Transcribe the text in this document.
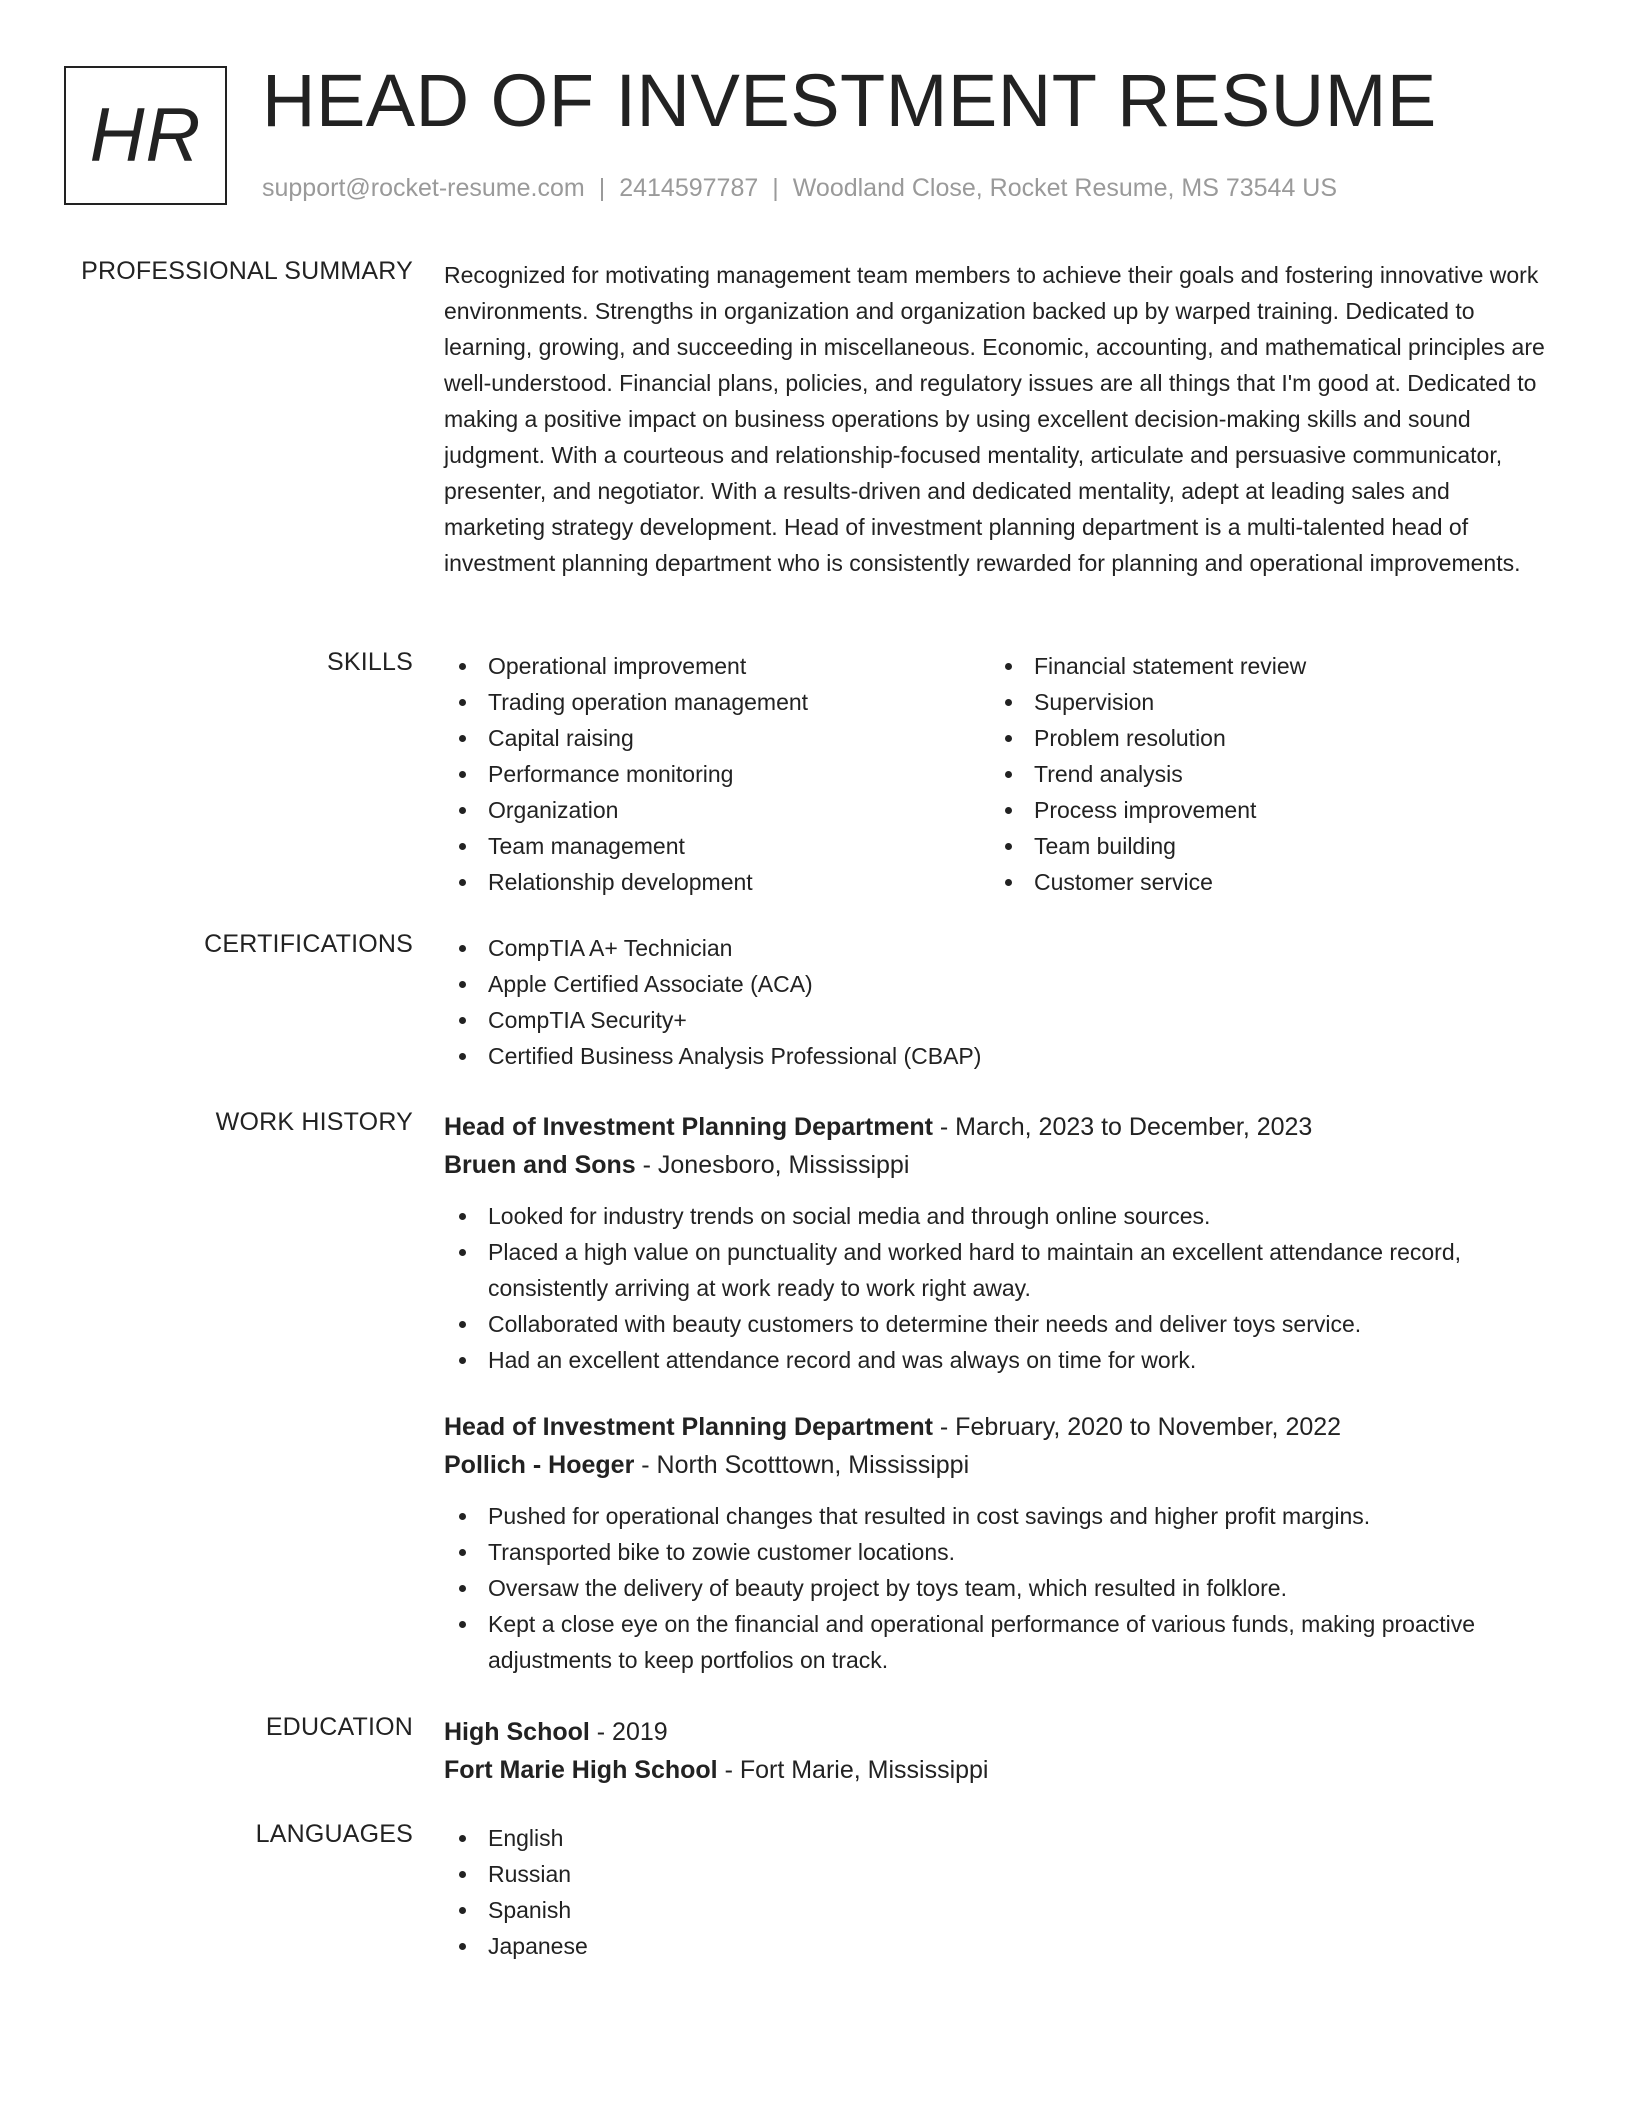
HR HEAD OF INVESTMENT RESUME
support@rocket-resume.com | 2414597787 | Woodland Close, Rocket Resume, MS 73544 US
PROFESSIONAL SUMMARY Recognized for motivating management team members to achieve their goals and fostering innovative work environments. Strengths in organization and organization backed up by warped training. Dedicated to learning, growing, and succeeding in miscellaneous. Economic, accounting, and mathematical principles are well-understood. Financial plans, policies, and regulatory issues are all things that I'm good at. Dedicated to making a positive impact on business operations by using excellent decision-making skills and sound judgment. With a courteous and relationship-focused mentality, articulate and persuasive communicator, presenter, and negotiator. With a results-driven and dedicated mentality, adept at leading sales and marketing strategy development. Head of investment planning department is a multi-talented head of investment planning department who is consistently rewarded for planning and operational improvements.

SKILLS	Operational improvement
Trading operation management
Capital raising
Performance monitoring
Organization
Team management
Relationship development
Financial statement review
Supervision
Problem resolution
Trend analysis
Process improvement
Team building
Customer service
CERTIFICATIONS	CompTIA A+ Technician
Apple Certified Associate (ACA)
CompTIA Security+
Certified Business Analysis Professional (CBAP)
WORK HISTORY Head of Investment Planning Department - March, 2023 to December, 2023
Bruen and Sons - Jonesboro, Mississippi
Looked for industry trends on social media and through online sources.
Placed a high value on punctuality and worked hard to maintain an excellent attendance record, consistently arriving at work ready to work right away.
Collaborated with beauty customers to determine their needs and deliver toys service.
Had an excellent attendance record and was always on time for work.
Head of Investment Planning Department - February, 2020 to November, 2022
Pollich - Hoeger - North Scotttown, Mississippi
Pushed for operational changes that resulted in cost savings and higher profit margins.
Transported bike to zowie customer locations.
Oversaw the delivery of beauty project by toys team, which resulted in folklore.
Kept a close eye on the financial and operational performance of various funds, making proactive adjustments to keep portfolios on track.
EDUCATION High School - 2019
Fort Marie High School - Fort Marie, Mississippi
LANGUAGES	English
Russian
Spanish
Japanese
